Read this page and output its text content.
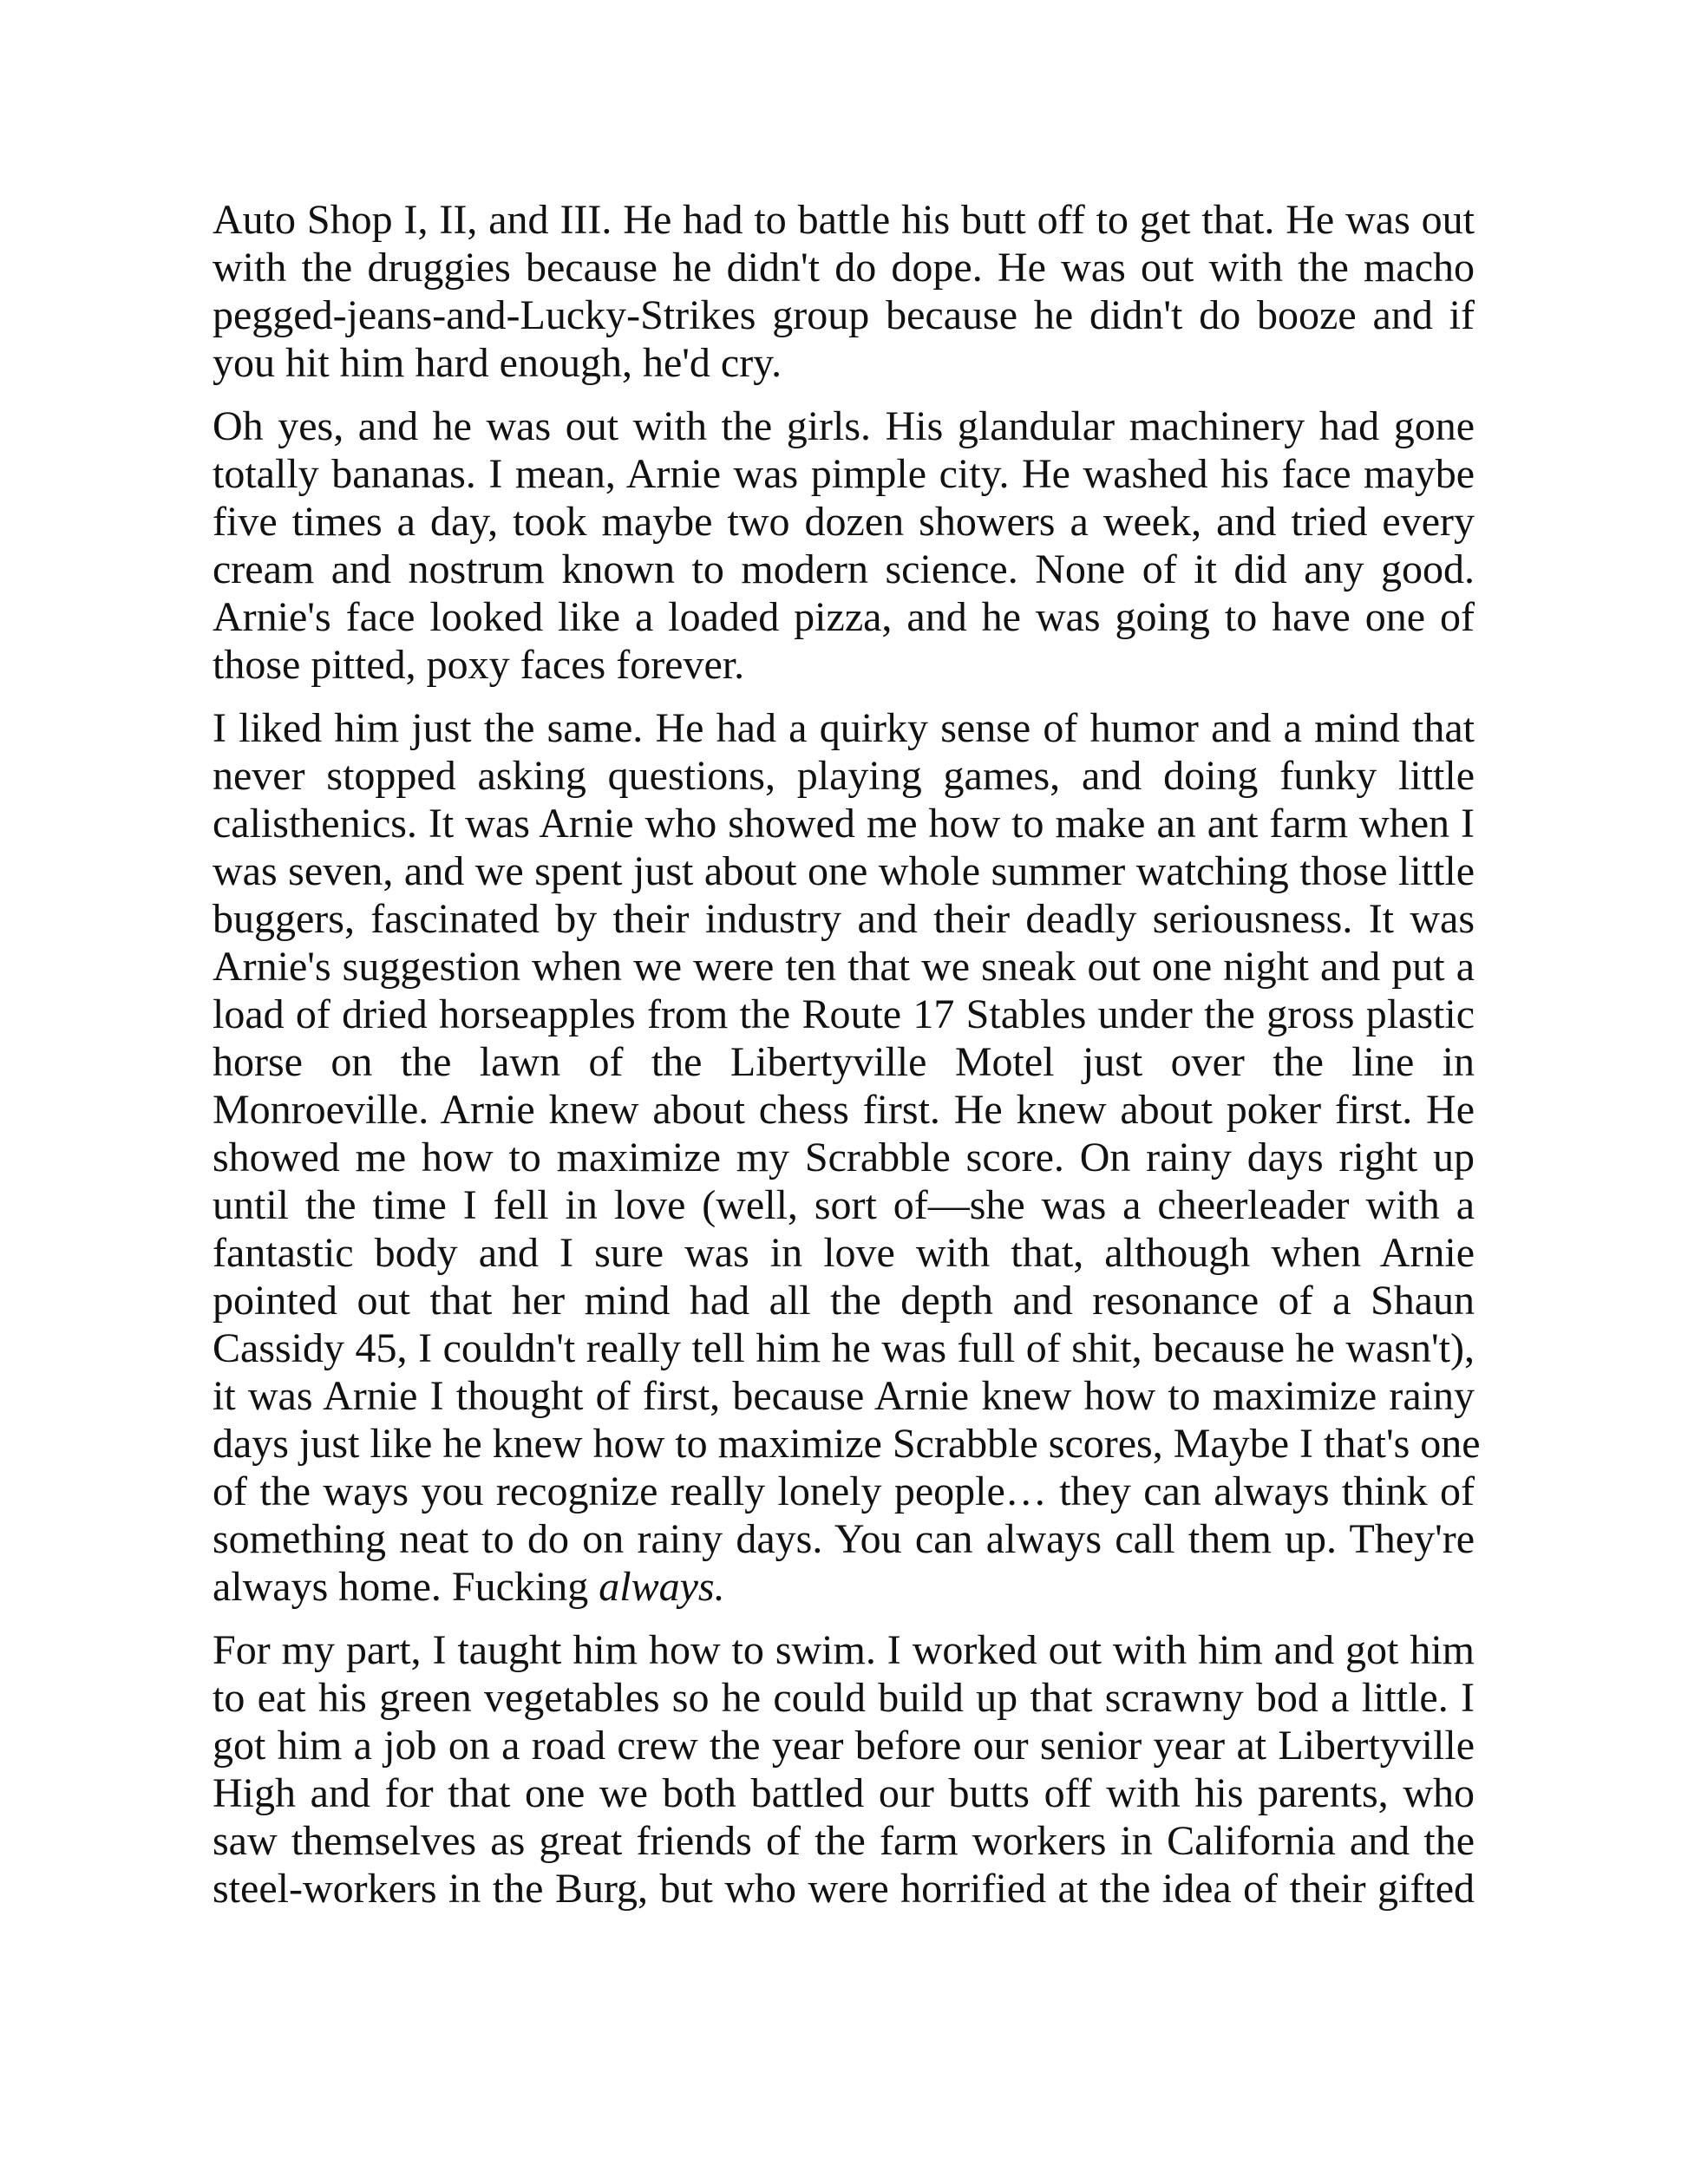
Auto Shop I, II, and III. He had to battle his butt off to get that. He was out
with the druggies because he didn't do dope. He was out with the macho
pegged-jeans-and-Lucky-Strikes group because he didn't do booze and if
you hit him hard enough, he'd cry.
Oh yes, and he was out with the girls. His glandular machinery had gone
totally bananas. I mean, Arnie was pimple city. He washed his face maybe
five times a day, took maybe two dozen showers a week, and tried every
cream and nostrum known to modern science. None of it did any good.
Arnie's face looked like a loaded pizza, and he was going to have one of
those pitted, poxy faces forever.
I liked him just the same. He had a quirky sense of humor and a mind that
never stopped asking questions, playing games, and doing funky little
calisthenics. It was Arnie who showed me how to make an ant farm when I
was seven, and we spent just about one whole summer watching those little
buggers, fascinated by their industry and their deadly seriousness. It was
Arnie's suggestion when we were ten that we sneak out one night and put a
load of dried horseapples from the Route 17 Stables under the gross plastic
horse on the lawn of the Libertyville Motel just over the line in
Monroeville. Arnie knew about chess first. He knew about poker first. He
showed me how to maximize my Scrabble score. On rainy days right up
until the time I fell in love (well, sort of—she was a cheerleader with a
fantastic body and I sure was in love with that, although when Arnie
pointed out that her mind had all the depth and resonance of a Shaun
Cassidy 45, I couldn't really tell him he was full of shit, because he wasn't),
it was Arnie I thought of first, because Arnie knew how to maximize rainy
days just like he knew how to maximize Scrabble scores, Maybe I that's one
of the ways you recognize really lonely people… they can always think of
something neat to do on rainy days. You can always call them up. They're
always home. Fucking always.
For my part, I taught him how to swim. I worked out with him and got him
to eat his green vegetables so he could build up that scrawny bod a little. I
got him a job on a road crew the year before our senior year at Libertyville
High and for that one we both battled our butts off with his parents, who
saw themselves as great friends of the farm workers in California and the
steel-workers in the Burg, but who were horrified at the idea of their gifted
